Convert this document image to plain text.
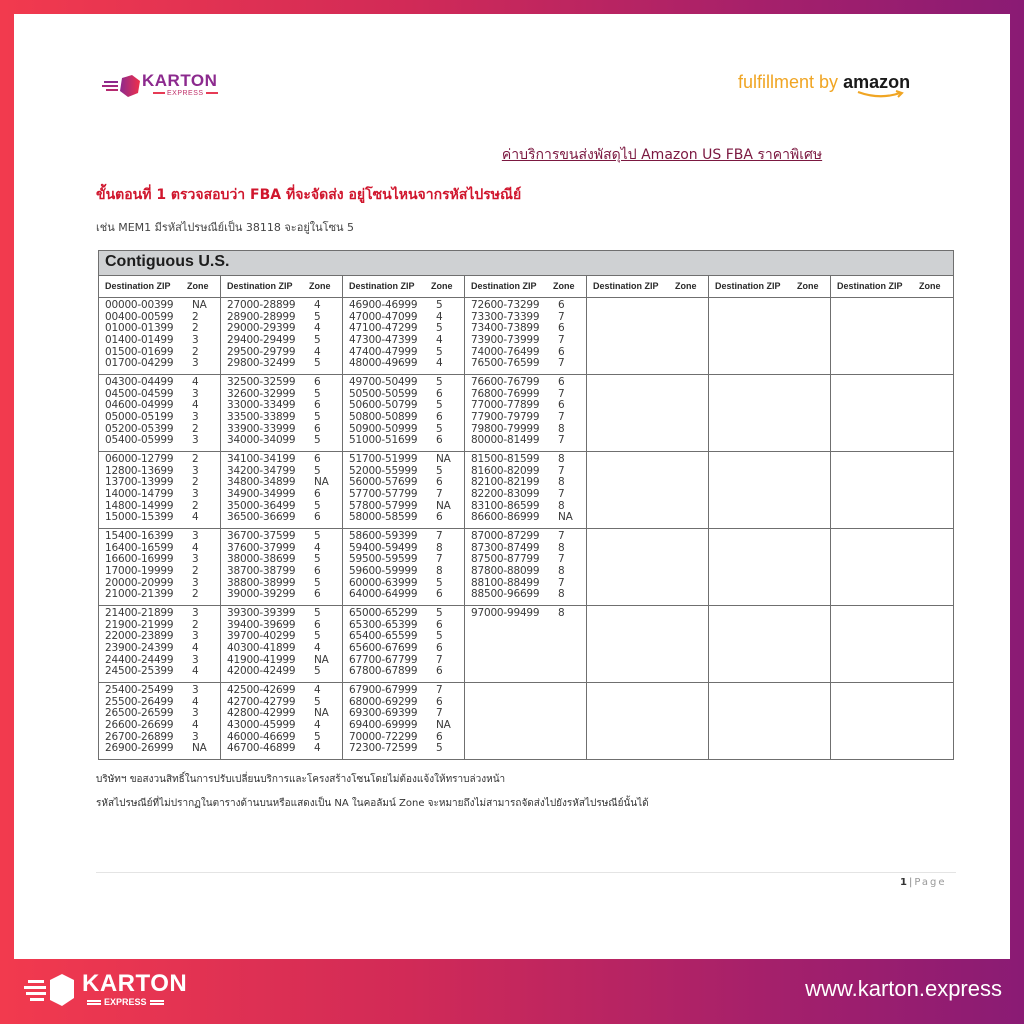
KARTON
EXPRESS
fulfillment by amazon
ค่าบริการขนส่งพัสดุไป Amazon US FBA ราคาพิเศษ
ขั้นตอนที่ 1 ตรวจสอบว่า FBA ที่จะจัดส่ง อยู่โซนไหนจากรหัสไปรษณีย์
เช่น MEM1 มีรหัสไปรษณีย์เป็น 38118 จะอยู่ในโซน 5
Contiguous U.S.
Destination ZIP Zone Destination ZIP Zone Destination ZIP Zone Destination ZIP Zone Destination ZIP Zone Destination ZIP Zone Destination ZIP Zone
00000-00399 NA
00400-00599 2
01000-01399 2
01400-01499 3
01500-01699 2
01700-04299 3
27000-28899 4
28900-28999 5
29000-29399 4
29400-29499 5
29500-29799 4
29800-32499 5
46900-46999 5
47000-47099 4
47100-47299 5
47300-47399 4
47400-47999 5
48000-49699 4
72600-73299 6
73300-73399 7
73400-73899 6
73900-73999 7
74000-76499 6
76500-76599 7
04300-04499 4
04500-04599 3
04600-04999 4
05000-05199 3
05200-05399 2
05400-05999 3
32500-32599 6
32600-32999 5
33000-33499 6
33500-33899 5
33900-33999 6
34000-34099 5
49700-50499 5
50500-50599 6
50600-50799 5
50800-50899 6
50900-50999 5
51000-51699 6
76600-76799 6
76800-76999 7
77000-77899 6
77900-79799 7
79800-79999 8
80000-81499 7
06000-12799 2
12800-13699 3
13700-13999 2
14000-14799 3
14800-14999 2
15000-15399 4
34100-34199 6
34200-34799 5
34800-34899 NA
34900-34999 6
35000-36499 5
36500-36699 6
51700-51999 NA
52000-55999 5
56000-57699 6
57700-57799 7
57800-57999 NA
58000-58599 6
81500-81599 8
81600-82099 7
82100-82199 8
82200-83099 7
83100-86599 8
86600-86999 NA
15400-16399 3
16400-16599 4
16600-16999 3
17000-19999 2
20000-20999 3
21000-21399 2
36700-37599 5
37600-37999 4
38000-38699 5
38700-38799 6
38800-38999 5
39000-39299 6
58600-59399 7
59400-59499 8
59500-59599 7
59600-59999 8
60000-63999 5
64000-64999 6
87000-87299 7
87300-87499 8
87500-87799 7
87800-88099 8
88100-88499 7
88500-96699 8
21400-21899 3
21900-21999 2
22000-23899 3
23900-24399 4
24400-24499 3
24500-25399 4
39300-39399 5
39400-39699 6
39700-40299 5
40300-41899 4
41900-41999 NA
42000-42499 5
65000-65299 5
65300-65399 6
65400-65599 5
65600-67699 6
67700-67799 7
67800-67899 6
97000-99499 8
25400-25499 3
25500-26499 4
26500-26599 3
26600-26699 4
26700-26899 3
26900-26999 NA
42500-42699 4
42700-42799 5
42800-42999 NA
43000-45999 4
46000-46699 5
46700-46899 4
67900-67999 7
68000-69299 6
69300-69399 7
69400-69999 NA
70000-72299 6
72300-72599 5
บริษัทฯ ขอสงวนสิทธิ์ในการปรับเปลี่ยนบริการและโครงสร้างโซนโดยไม่ต้องแจ้งให้ทราบล่วงหน้า
รหัสไปรษณีย์ที่ไม่ปรากฏในตารางด้านบนหรือแสดงเป็น NA ในคอลัมน์ Zone จะหมายถึงไม่สามารถจัดส่งไปยังรหัสไปรษณีย์นั้นได้
1 | Page
KARTON
EXPRESS
www.karton.express
